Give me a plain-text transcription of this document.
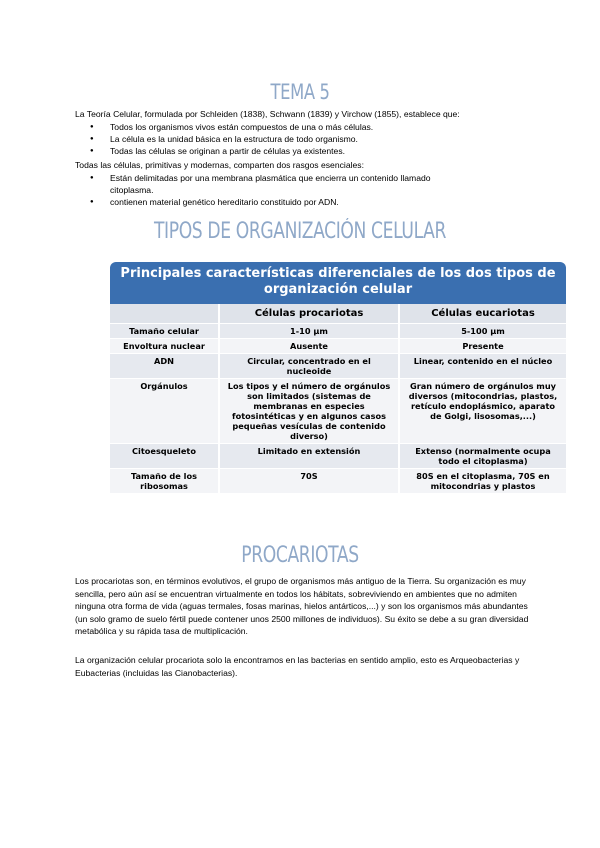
TEMA 5
La Teoría Celular, formulada por Schleiden (1838), Schwann (1839) y Virchow (1855), establece que:
● Todos los organismos vivos están compuestos de una o más células.
● La célula es la unidad básica en la estructura de todo organismo.
● Todas las células se originan a partir de células ya existentes.
Todas las células, primitivas y modernas, comparten dos rasgos esenciales:
● Están delimitadas por una membrana plasmática que encierra un contenido llamado citoplasma.
● contienen material genético hereditario constituido por ADN.
TIPOS DE ORGANIZACIÓN CELULAR
Principales características diferenciales de los dos tipos de organización celular		
	Células procariotas	Células eucariotas
Tamaño celular	1-10 µm	5-100 µm
Envoltura nuclear	Ausente	Presente
ADN	Circular, concentrado en el nucleoide	Linear, contenido en el núcleo
Orgánulos	Los tipos y el número de orgánulos son limitados (sistemas de membranas en especies fotosintéticas y en algunos casos pequeñas vesículas de contenido diverso)	Gran número de orgánulos muy diversos (mitocondrias, plastos, retículo endoplásmico, aparato de Golgi, lisosomas,...)
Citoesqueleto	Limitado en extensión	Extenso (normalmente ocupa todo el citoplasma)
Tamaño de los ribosomas	70S	80S en el citoplasma, 70S en mitocondrias y plastos
PROCARIOTAS
Los procariotas son, en términos evolutivos, el grupo de organismos más antiguo de la Tierra. Su organización es muy sencilla, pero aún así se encuentran virtualmente en todos los hábitats, sobreviviendo en ambientes que no admiten ninguna otra forma de vida (aguas termales, fosas marinas, hielos antárticos,...) y son los organismos más abundantes (un solo gramo de suelo fértil puede contener unos 2500 millones de individuos). Su éxito se debe a su gran diversidad metabólica y su rápida tasa de multiplicación.
La organización celular procariota solo la encontramos en las bacterias en sentido amplio, esto es Arqueobacterias y Eubacterias (incluidas las Cianobacterias).
